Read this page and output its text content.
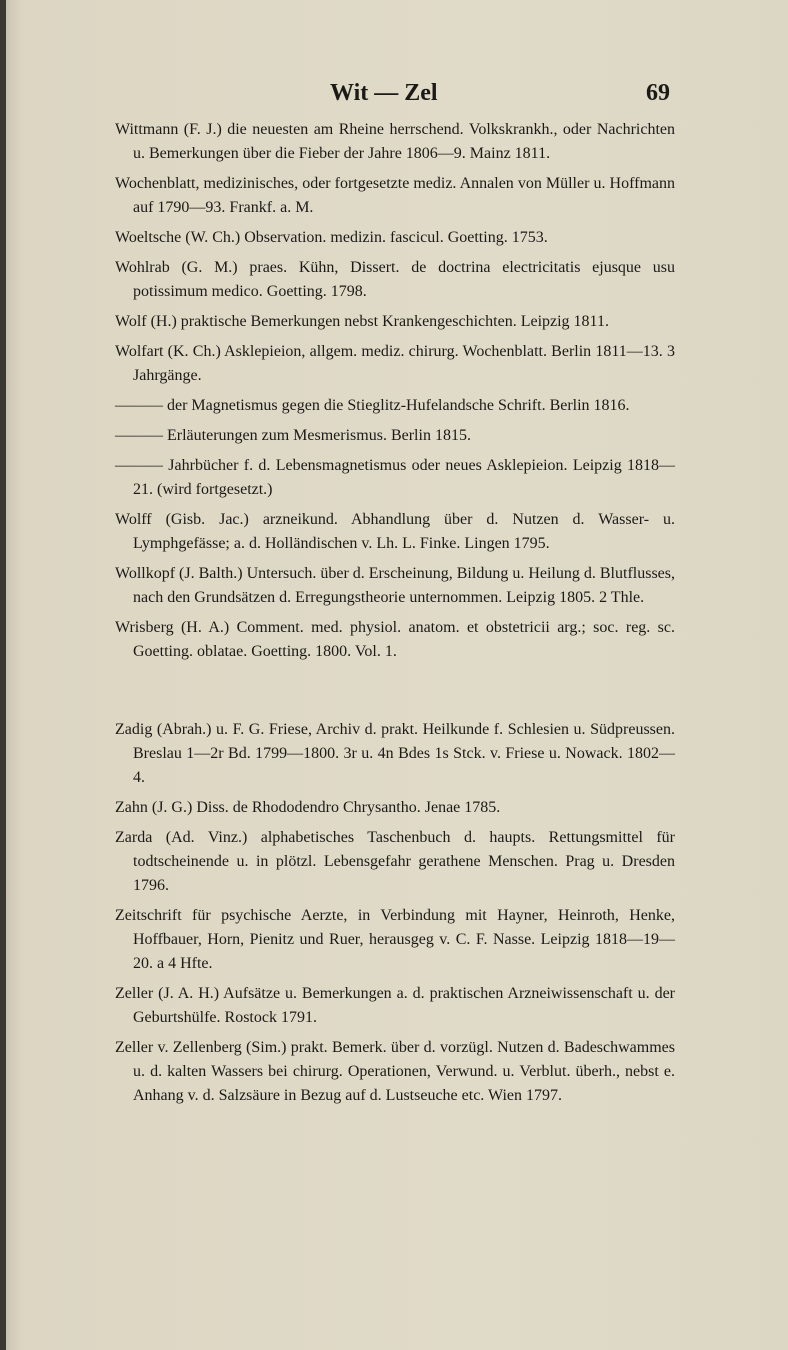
Wit — Zel	69

Wittmann (F. J.) die neuesten am Rheine herrschend. Volkskrankh., oder Nachrichten u. Bemerkungen über die Fieber der Jahre 1806—9. Mainz 1811.

Wochenblatt, medizinisches, oder fortgesetzte mediz. Annalen von Müller u. Hoffmann auf 1790—93. Frankf. a. M.

Woeltsche (W. Ch.) Observation. medizin. fascicul. Goetting. 1753.

Wohlrab (G. M.) praes. Kühn, Dissert. de doctrina electricitatis ejusque usu potissimum medico. Goetting. 1798.

Wolf (H.) praktische Bemerkungen nebst Krankengeschichten. Leipzig 1811.

Wolfart (K. Ch.) Asklepieion, allgem. mediz. chirurg. Wochenblatt. Berlin 1811—13. 3 Jahrgänge.

——— der Magnetismus gegen die Stieglitz-Hufelandsche Schrift. Berlin 1816.

——— Erläuterungen zum Mesmerismus. Berlin 1815.

——— Jahrbücher f. d. Lebensmagnetismus oder neues Asklepieion. Leipzig 1818—21. (wird fortgesetzt.)

Wolff (Gisb. Jac.) arzneikund. Abhandlung über d. Nutzen d. Wasser- u. Lymphgefässe; a. d. Holländischen v. Lh. L. Finke. Lingen 1795.

Wollkopf (J. Balth.) Untersuch. über d. Erscheinung, Bildung u. Heilung d. Blutflusses, nach den Grundsätzen d. Erregungstheorie unternommen. Leipzig 1805. 2 Thle.

Wrisberg (H. A.) Comment. med. physiol. anatom. et obstetricii arg.; soc. reg. sc. Goetting. oblatae. Goetting. 1800. Vol. 1.

Zadig (Abrah.) u. F. G. Friese, Archiv d. prakt. Heilkunde f. Schlesien u. Südpreussen. Breslau 1—2r Bd. 1799—1800. 3r u. 4n Bdes 1s Stck. v. Friese u. Nowack. 1802—4.

Zahn (J. G.) Diss. de Rhododendro Chrysantho. Jenae 1785.

Zarda (Ad. Vinz.) alphabetisches Taschenbuch d. haupts. Rettungsmittel für todtscheinende u. in plötzl. Lebensgefahr gerathene Menschen. Prag u. Dresden 1796.

Zeitschrift für psychische Aerzte, in Verbindung mit Hayner, Heinroth, Henke, Hoffbauer, Horn, Pienitz und Ruer, herausgeg v. C. F. Nasse. Leipzig 1818—19—20. a 4 Hfte.

Zeller (J. A. H.) Aufsätze u. Bemerkungen a. d. praktischen Arzneiwissenschaft u. der Geburtshülfe. Rostock 1791.

Zeller v. Zellenberg (Sim.) prakt. Bemerk. über d. vorzügl. Nutzen d. Badeschwammes u. d. kalten Wassers bei chirurg. Operationen, Verwund. u. Verblut. überh., nebst e. Anhang v. d. Salzsäure in Bezug auf d. Lustseuche etc. Wien 1797.
